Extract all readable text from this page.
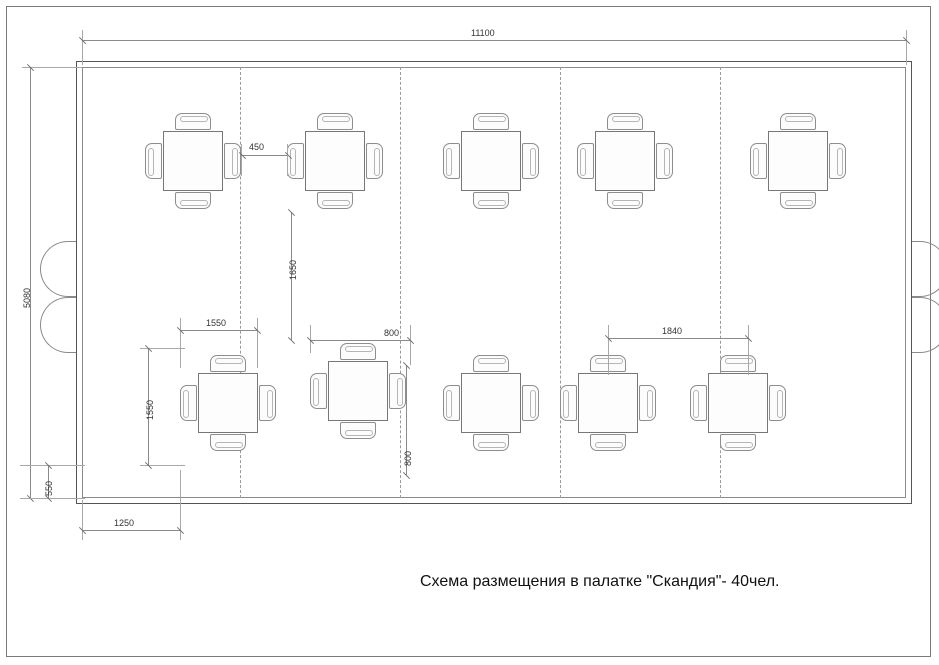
11100
5080
450
1650
1550
1550
800
800
1840
550
1250
Схема размещения в палатке "Скандия"- 40чел.
